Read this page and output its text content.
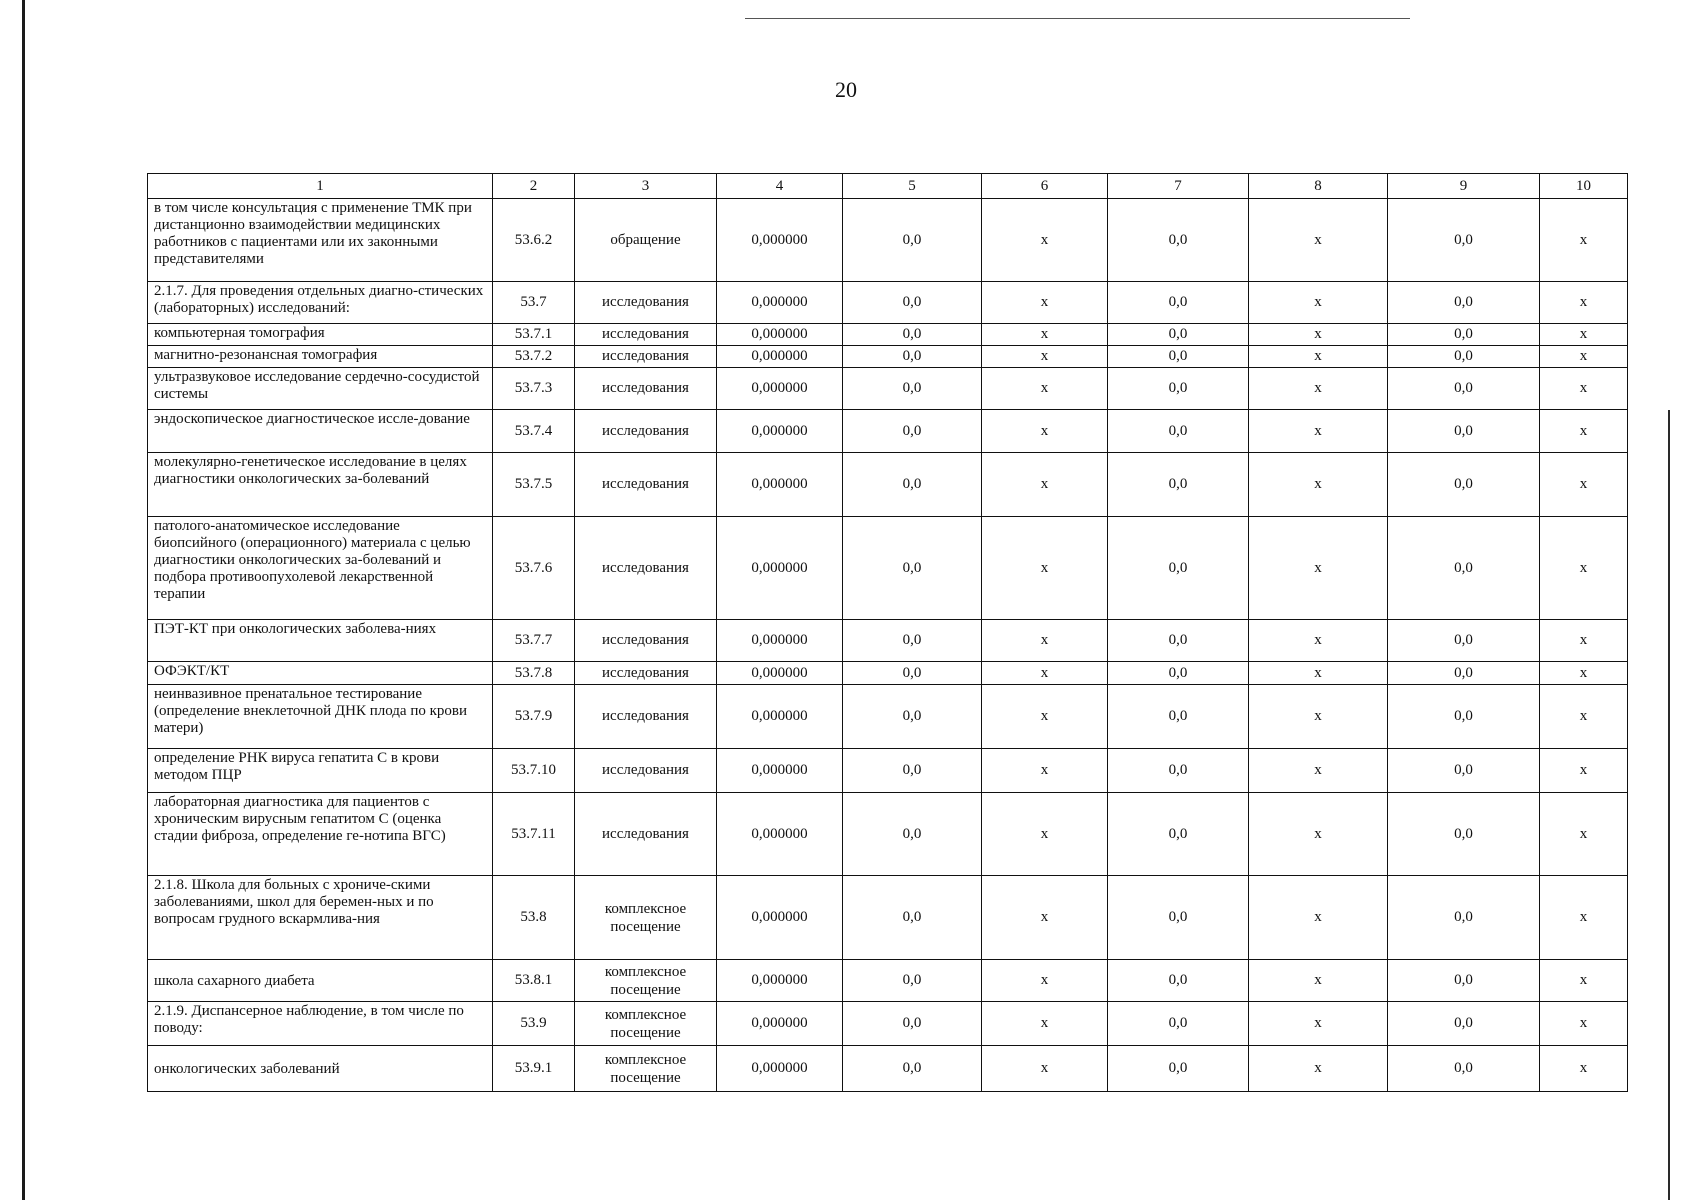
20
1	2	3	4	5	6	7	8	9	10
в том числе консультация с применение ТМК при дистанционно взаимодействии медицинских работников с пациентами или их законными представителями	53.6.2	обращение	0,000000	0,0	х	0,0	х	0,0	х
2.1.7. Для проведения отдельных диагно-стических (лабораторных) исследований:	53.7	исследования	0,000000	0,0	х	0,0	х	0,0	х
компьютерная томография	53.7.1	исследования	0,000000	0,0	х	0,0	х	0,0	х
магнитно-резонансная томография	53.7.2	исследования	0,000000	0,0	х	0,0	х	0,0	х
ультразвуковое исследование сердечно-сосудистой системы	53.7.3	исследования	0,000000	0,0	х	0,0	х	0,0	х
эндоскопическое диагностическое иссле-дование	53.7.4	исследования	0,000000	0,0	х	0,0	х	0,0	х
молекулярно-генетическое исследование в целях диагностики онкологических за-болеваний	53.7.5	исследования	0,000000	0,0	х	0,0	х	0,0	х
патолого-анатомическое исследование биопсийного (операционного) материала с целью диагностики онкологических за-болеваний и подбора противоопухолевой лекарственной терапии	53.7.6	исследования	0,000000	0,0	х	0,0	х	0,0	х
ПЭТ-КТ при онкологических заболева-ниях	53.7.7	исследования	0,000000	0,0	х	0,0	х	0,0	х
ОФЭКТ/КТ	53.7.8	исследования	0,000000	0,0	х	0,0	х	0,0	х
неинвазивное пренатальное тестирование (определение внеклеточной ДНК плода по крови матери)	53.7.9	исследования	0,000000	0,0	х	0,0	х	0,0	х
определение РНК вируса гепатита С в крови методом ПЦР	53.7.10	исследования	0,000000	0,0	х	0,0	х	0,0	х
лабораторная диагностика для пациентов с хроническим вирусным гепатитом С (оценка стадии фиброза, определение ге-нотипа ВГС)	53.7.11	исследования	0,000000	0,0	х	0,0	х	0,0	х
2.1.8. Школа для больных с хрониче-скими заболеваниями, школ для беремен-ных и по вопросам грудного вскармлива-ния	53.8	комплексное посещение	0,000000	0,0	х	0,0	х	0,0	х
школа сахарного диабета	53.8.1	комплексное посещение	0,000000	0,0	х	0,0	х	0,0	х
2.1.9. Диспансерное наблюдение, в том числе по поводу:	53.9	комплексное посещение	0,000000	0,0	х	0,0	х	0,0	х
онкологических заболеваний	53.9.1	комплексное посещение	0,000000	0,0	х	0,0	х	0,0	х
